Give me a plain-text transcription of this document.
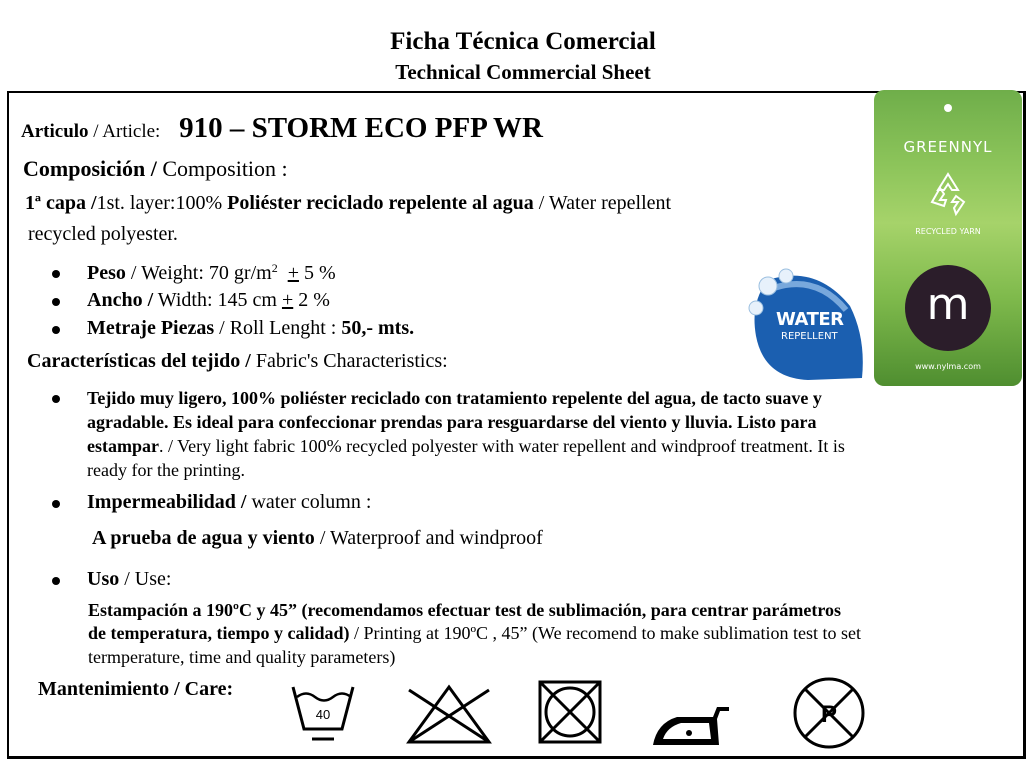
Ficha Técnica Comercial
Technical Commercial Sheet
Articulo / Article: 910 – STORM ECO PFP WR
Composición / Composition :
1ª capa /1st. layer:100% Poliéster reciclado repelente al agua / Water repellent
recycled polyester.
Peso / Weight: 70 $gr/m^2 + 5$ %
Ancho / Width: 145 cm + 2 %
Metraje Piezas / Roll Lenght : 50,- mts.
Características del tejido / Fabric's Characteristics:
Tejido muy ligero, 100% poliéster reciclado con tratamiento repelente del agua, de tacto suave y
agradable. Es ideal para confeccionar prendas para resguardarse del viento y lluvia. Listo para
estampar. / Very light fabric 100% recycled polyester with water repellent and windproof treatment. It is
ready for the printing.
Impermeabilidad / water column :
A prueba de agua y viento / Waterproof and windproof
Uso / Use:
Estampación a 190ºC y 45” (recomendamos efectuar test de sublimación, para centrar parámetros
de temperatura, tiempo y calidad) / Printing at 190ºC , 45” (We recomend to make sublimation test to set
termperature, time and quality parameters)
Mantenimiento / Care:
40	P
WATER
REPELLENT
GREENNYL
RECYCLED YARN
m
www.nylma.com
